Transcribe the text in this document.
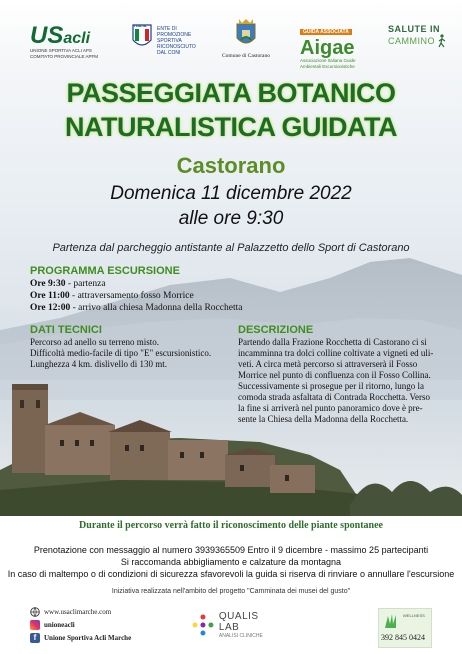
US acli
UNIONE SPORTIVA ACLI APS
COMITATO PROVINCIALE APFM
ITALIA
ENTE DI PROMOZIONE
SPORTIVA
RICONOSCIUTO
DAL CONI	Comune di Castorano
GUIDA ASSOCIATA
Aigae
Associazione Italiana Guide
Ambientali Escursionistiche
SALUTE IN
CAMMINO
PASSEGGIATA BOTANICO
NATURALISTICA GUIDATA
Castorano
Domenica 11 dicembre 2022
alle ore 9:30
Partenza dal parcheggio antistante al Palazzetto dello Sport di Castorano
PROGRAMMA ESCURSIONE
Ore 9:30 - partenza
Ore 11:00 - attraversamento fosso Morrice
Ore 12:00 - arrivo alla chiesa Madonna della Rocchetta
DATI TECNICI
Percorso ad anello su terreno misto.
Difficoltà medio-facile di tipo "E" escursionistico.
Lunghezza 4 km. dislivello di 130 mt.
DESCRIZIONE
Partendo dalla Frazione Rocchetta di Castorano ci si
incamminna tra dolci colline coltivate a vigneti ed uli-
veti. A circa metà percorso si attraverserà il Fosso
Morrice nel punto di confluenza con il Fosso Collina.
Successivamente si prosegue per il ritorno, lungo la
comoda strada asfaltata di Contrada Rocchetta. Verso
la fine si arriverà nel punto panoramico dove è pre-
sente la Chiesa della Madonna della Rocchetta.
Durante il percorso verrà fatto il riconoscimento delle piante spontanee
Prenotazione con messaggio al numero 3939365509 Entro il 9 dicembre - massimo 25 partecipanti
Si raccomanda abbigliamento e calzature da montagna
In caso di maltempo o di condizioni di sicurezza sfavorevoli la guida si riserva di rinviare o annullare l'escursione
Iniziativa realizzata nell'ambito del progetto "Camminata dei musei del gusto"
www.usaclimarche.com
unioneacli
f	Unione Sportiva Acli Marche
QUALIS LAB
ANALISI CLINICHE
WELLNESS
392 845 0424
